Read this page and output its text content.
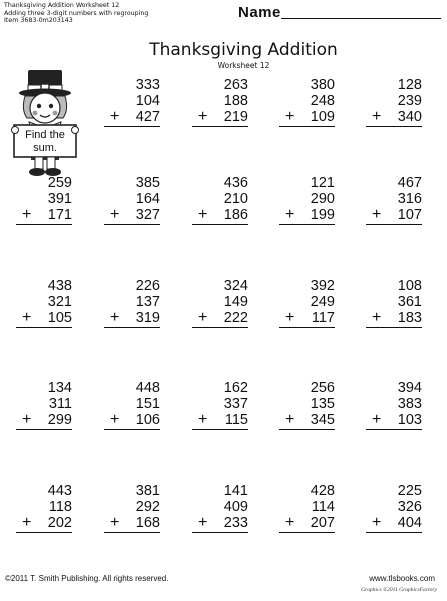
Thanksgiving Addition Worksheet 12
Adding three 3-digit numbers with regrouping
Item 3683-0m203143	Name
Thanksgiving Addition
Worksheet 12
Find the
sum.
333
104
+ 427
263
188
+ 219
380
248
+ 109
128
239
+ 340
259
391
+ 171
385
164
+ 327
436
210
+ 186
121
290
+ 199
467
316
+ 107
438
321
+ 105
226
137
+ 319
324
149
+ 222
392
249
+ 117
108
361
+ 183
134
311
+ 299
448
151
+ 106
162
337
+ 115
256
135
+ 345
394
383
+ 103
443
118
+ 202
381
292
+ 168
141
409
+ 233
428
114
+ 207
225
326
+ 404
©2011 T. Smith Publishing. All rights reserved.	www.tlsbooks.com
Graphics ©2011 GraphicsFactory
